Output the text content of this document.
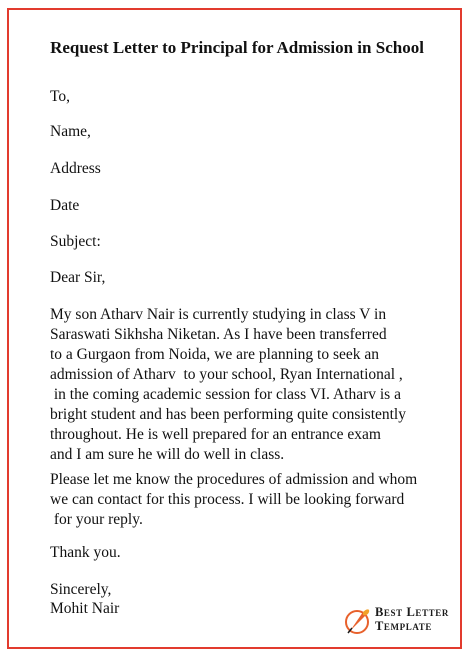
Request Letter to Principal for Admission in School
To,
Name,
Address
Date
Subject:
Dear Sir,
My son Atharv Nair is currently studying in class V in
Saraswati Sikhsha Niketan. As I have been transferred
to a Gurgaon from Noida, we are planning to seek an
admission of Atharv  to your school, Ryan International ,
in the coming academic session for class VI. Atharv is a
bright student and has been performing quite consistently
throughout. He is well prepared for an entrance exam
and I am sure he will do well in class.
Please let me know the procedures of admission and whom
we can contact for this process. I will be looking forward
for your reply.
Thank you.
Sincerely,
Mohit Nair	Best Letter
Template
